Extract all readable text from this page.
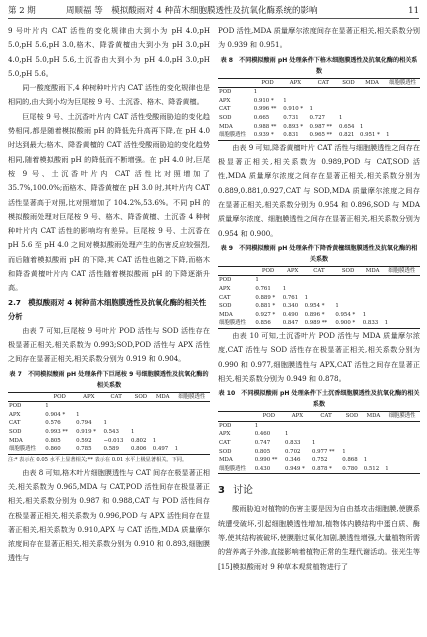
第 2 期	周顺福 等　模拟酸雨对 4 种苗木细胞膜透性及抗氧化酶系统的影响	11

9 号叶片内 CAT 活性的变化规律由大到小为 pH 4.0,pH 5.0,pH 5.6,pH 3.0,格木、降香黄檀由大到小为 pH 3.0,pH 4.0,pH 5.0,pH 5.6,土沉香由大到小为 pH 4.0,pH 3.0,pH 5.0,pH 5.6。

同一酸度酸雨下,4 种树种叶片内 CAT 活性的变化规律也是相同的,由大到小均为巨尾桉 9 号、土沉香、格木、降香黄檀。

巨尾桉 9 号、土沉香叶片内 CAT 活性受酸雨胁迫的变化趋势相同,都是随着模拟酸雨 pH 的降低先升高再下降,在 pH 4.0 时达到最大;格木、降香黄檀的 CAT 活性受酸雨胁迫的变化趋势相同,随着模拟酸雨 pH 的降低而不断增强。在 pH 4.0 时,巨尾桉 9 号、土沉香叶片内 CAT 活性比对照增加了 35.7%,100.0%;而格木、降香黄檀在 pH 3.0 时,其叶片内 CAT 活性显著高于对照,比对照增加了 104.2%,53.6%。不同 pH 的模拟酸雨处理对巨尾桉 9 号、格木、降香黄檀、土沉香 4 种树种叶片内 CAT 活性的影响均有差异。巨尾桉 9 号、土沉香在 pH 5.6 至 pH 4.0 之间对模拟酸雨处理产生的伤害反应较强烈,而后随着模拟酸雨 pH 的下降,其 CAT 活性也随之下降,而格木和降香黄檀叶片内 CAT 活性随着模拟酸雨 pH 的下降逐渐升高。

2.7　模拟酸雨对 4 树种苗木细胞膜透性及抗氧化酶的相关性分析

由表 7 可知,巨尾桉 9 号叶片 POD 活性与 SOD 活性存在极显著正相关,相关系数为 0.993;SOD,POD 活性与 APX 活性之间存在显著正相关,相关系数分别为 0.919 和 0.904。

表 7　不同模拟酸雨 pH 处理条件下巨尾桉 9 号细胞膜透性及抗氧化酶的相关系数
	POD	APX	CAT	SOD	MDA	细胞膜透性
POD	1					
APX	0.904 *	1				
CAT	0.576	0.794	1			
SOD	0.993 **	0.919 *	0.543	1		
MDA	0.805	0.592	−0.013	0.802	1	
细胞膜透性	0.860	0.785	0.589	0.806	0.497	1
注:* 表示在 0.05 水平上显著相关;** 表示在 0.01 水平上极显著相关。下同。

由表 8 可知,格木叶片细胞膜透性与 CAT 间存在极显著正相关,相关系数为 0.965,MDA 与 CAT,POD 活性间存在极显著正相关,相关系数分别为 0.987 和 0.988,CAT 与 POD 活性间存在极显著正相关,相关系数为 0.996,POD 与 APX 活性间存在显著正相关,相关系数为 0.910,APX 与 CAT 活性,MDA 质量摩尔浓度间存在显著正相关,相关系数分别为 0.910 和 0.893,细胞膜透性与

POD 活性,MDA 质量摩尔浓度间存在显著正相关,相关系数分别为 0.939 和 0.951。

表 8　不同模拟酸雨 pH 处理条件下格木细胞膜透性及抗氧化酶的相关系数
	POD	APX	CAT	SOD	MDA	细胞膜透性
POD	1					
APX	0.910 *	1				
CAT	0.996 **	0.910 *	1			
SOD	0.665	0.731	0.727	1		
MDA	0.988 **	0.893 *	0.987 **	0.654	1	
细胞膜透性	0.939 *	0.831	0.965 **	0.821	0.951 *	1

由表 9 可知,降香黄檀叶片 CAT 活性与细胞膜透性之间存在极显著正相关,相关系数为 0.989,POD 与 CAT,SOD 活性,MDA 质量摩尔浓度之间存在显著正相关,相关系数分别为 0.889,0.881,0.927,CAT 与 SOD,MDA 质量摩尔浓度之间存在显著正相关,相关系数分别为 0.954 和 0.896,SOD 与 MDA 质量摩尔浓度、细胞膜透性之间存在显著正相关,相关系数分别为 0.954 和 0.900。

表 9　不同模拟酸雨 pH 处理条件下降香黄檀细胞膜透性及抗氧化酶的相关系数
	POD	APX	CAT	SOD	MDA	细胞膜透性
POD	1					
APX	0.761	1				
CAT	0.889 *	0.761	1			
SOD	0.881 *	0.340	0.954 *	1		
MDA	0.927 *	0.490	0.896 *	0.954 *	1	
细胞膜透性	0.856	0.847	0.989 **	0.900 *	0.833	1

由表 10 可知,土沉香叶片 POD 活性与 MDA 质量摩尔浓度,CAT 活性与 SOD 活性存在极显著正相关,相关系数分别为 0.990 和 0.977,细胞膜透性与 APX,CAT 活性之间存在显著正相关,相关系数分别为 0.949 和 0.878。

表 10　不同模拟酸雨 pH 处理条件下土沉香细胞膜透性及抗氧化酶的相关系数
	POD	APX	CAT	SOD	MDA	细胞膜透性
POD	1					
APX	0.460	1				
CAT	0.747	0.833	1			
SOD	0.805	0.702	0.977 **	1		
MDA	0.990 **	0.346	0.752	0.868	1	
细胞膜透性	0.430	0.949 *	0.878 *	0.780	0.512	1
3 讨论

酸雨胁迫对植物的伤害主要是因为自由基攻击细胞膜,使膜系统遭受破坏,引起细胞膜透性增加,植物体内膜结构中蛋白质、酶等,使其结构被破坏,使膜脂过氧化加剧,膜透性增强,大量植物所需的营养离子外渗,直接影响着植物正常的生理代谢活动。张光生等[15]模拟酸雨对 9 种草本观赏植物进行了
